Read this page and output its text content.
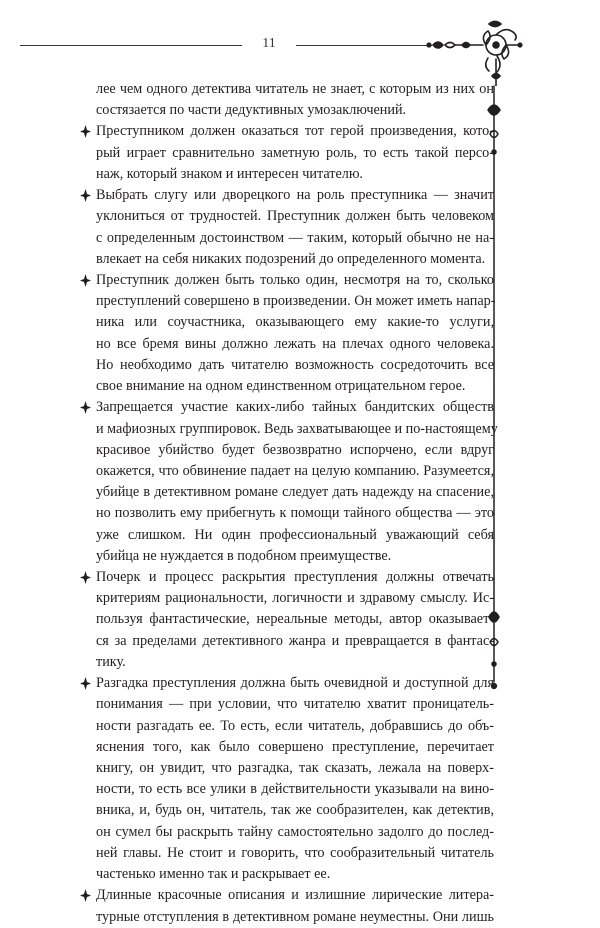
11
лее чем одного детектива читатель не знает, с которым из них он
состязается по части дедуктивных умозаключений.
Преступником должен оказаться тот герой произведения, кото-
рый играет сравнительно заметную роль, то есть такой персо-
наж, который знаком и интересен читателю.
Выбрать слугу или дворецкого на роль преступника — значит
уклониться от трудностей. Преступник должен быть человеком
с определенным достоинством — таким, который обычно не на-
влекает на себя никаких подозрений до определенного момента.
Преступник должен быть только один, несмотря на то, сколько
преступлений совершено в произведении. Он может иметь напар-
ника или соучастника, оказывающего ему какие-то услуги,
но все бремя вины должно лежать на плечах одного человека.
Но необходимо дать читателю возможность сосредоточить все
свое внимание на одном единственном отрицательном герое.
Запрещается участие каких-либо тайных бандитских обществ
и мафиозных группировок. Ведь захватывающее и по-настоящему
красивое убийство будет безвозвратно испорчено, если вдруг
окажется, что обвинение падает на целую компанию. Разумеется,
убийце в детективном романе следует дать надежду на спасение,
но позволить ему прибегнуть к помощи тайного общества — это
уже слишком. Ни один профессиональный уважающий себя
убийца не нуждается в подобном преимуществе.
Почерк и процесс раскрытия преступления должны отвечать
критериям рациональности, логичности и здравому смыслу. Ис-
пользуя фантастические, нереальные методы, автор оказывает-
ся за пределами детективного жанра и превращается в фантас-
тику.
Разгадка преступления должна быть очевидной и доступной для
понимания — при условии, что читателю хватит проницатель-
ности разгадать ее. То есть, если читатель, добравшись до объ-
яснения того, как было совершено преступление, перечитает
книгу, он увидит, что разгадка, так сказать, лежала на поверх-
ности, то есть все улики в действительности указывали на вино-
вника, и, будь он, читатель, так же сообразителен, как детектив,
он сумел бы раскрыть тайну самостоятельно задолго до послед-
ней главы. Не стоит и говорить, что сообразительный читатель
частенько именно так и раскрывает ее.
Длинные красочные описания и излишние лирические литера-
турные отступления в детективном романе неуместны. Они лишь
